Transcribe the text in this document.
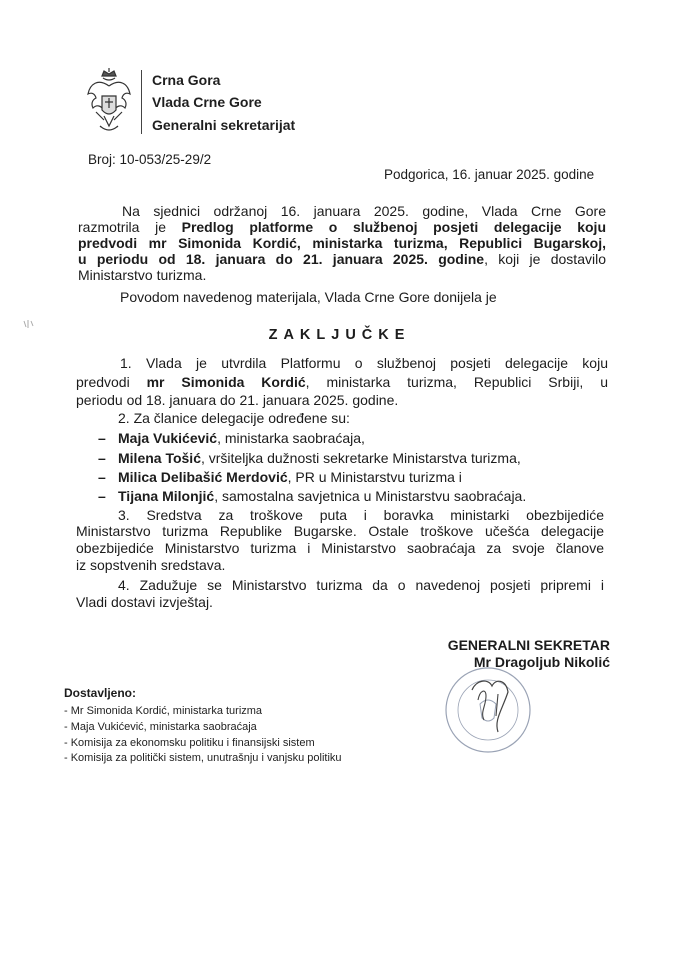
Crna Gora
Vlada Crne Gore
Generalni sekretarijat
Broj: 10-053/25-29/2
Podgorica, 16. januar 2025. godine
Na sjednici održanoj 16. januara 2025. godine, Vlada Crne Gore
razmotrila je Predlog platforme o službenoj posjeti delegacije koju
predvodi mr Simonida Kordić, ministarka turizma, Republici Bugarskoj,
u periodu od 18. januara do 21. januara 2025. godine, koji je dostavilo
Ministarstvo turizma.
Povodom navedenog materijala, Vlada Crne Gore donijela je
ZAKLJUČKE
1. Vlada je utvrdila Platformu o službenoj posjeti delegacije koju
predvodi mr Simonida Kordić, ministarka turizma, Republici Srbiji, u
periodu od 18. januara do 21. januara 2025. godine.
2. Za članice delegacije određene su:
– Maja Vukićević, ministarka saobraćaja,
– Milena Tošić, vršiteljka dužnosti sekretarke Ministarstva turizma,
– Milica Delibašić Merdović, PR u Ministarstvu turizma i
– Tijana Milonjić, samostalna savjetnica u Ministarstvu saobraćaja.
3. Sredstva za troškove puta i boravka ministarki obezbijediće
Ministarstvo turizma Republike Bugarske. Ostale troškove učešća delegacije
obezbijediće Ministarstvo turizma i Ministarstvo saobraćaja za svoje članove
iz sopstvenih sredstava.
4. Zadužuje se Ministarstvo turizma da o navedenoj posjeti pripremi i
Vladi dostavi izvještaj.
GENERALNI SEKRETAR
Mr Dragoljub Nikolić
Dostavljeno:
- Mr Simonida Kordić, ministarka turizma
- Maja Vukićević, ministarka saobraćaja
- Komisija za ekonomsku politiku i finansijski sistem
- Komisija za politički sistem, unutrašnju i vanjsku politiku
